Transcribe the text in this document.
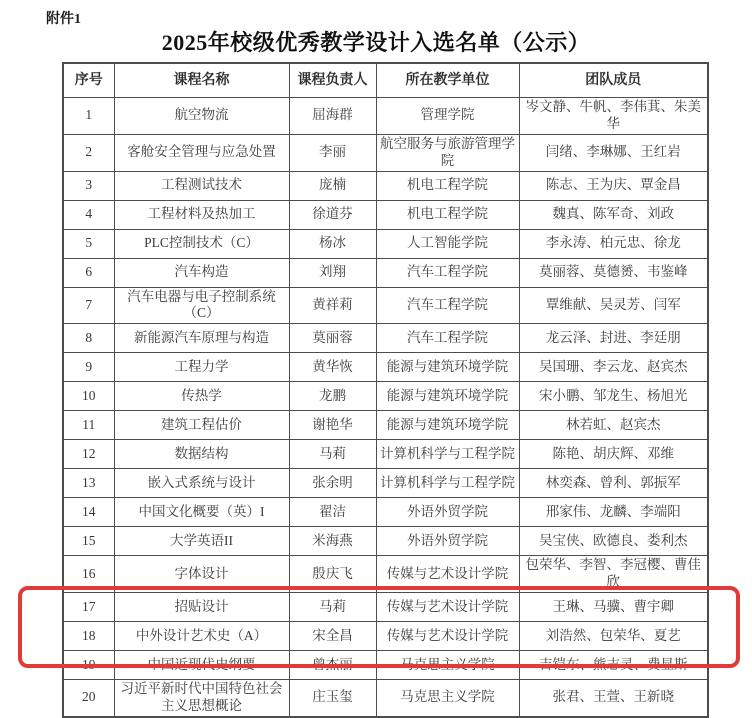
附件1
2025年校级优秀教学设计入选名单（公示）
序号	课程名称	课程负责人	所在教学单位	团队成员
1	航空物流	屈海群	管理学院	岑文静、牛帆、李伟萁、朱美华
2	客舱安全管理与应急处置	李丽	航空服务与旅游管理学院	闫绪、李琳娜、王红岩
3	工程测试技术	庞楠	机电工程学院	陈志、王为庆、覃金昌
4	工程材料及热加工	徐道芬	机电工程学院	魏真、陈军奇、刘政
5	PLC控制技术（C）	杨冰	人工智能学院	李永涛、柏元忠、徐龙
6	汽车构造	刘翔	汽车工程学院	莫丽蓉、莫德赟、韦鉴峰
7	汽车电器与电子控制系统（C）	黄祥莉	汽车工程学院	覃维献、吴灵芳、闫军
8	新能源汽车原理与构造	莫丽蓉	汽车工程学院	龙云泽、封进、李廷朋
9	工程力学	黄华恢	能源与建筑环境学院	吴国珊、李云龙、赵宾杰
10	传热学	龙鹏	能源与建筑环境学院	宋小鹏、邹龙生、杨旭光
11	建筑工程估价	谢艳华	能源与建筑环境学院	林若虹、赵宾杰
12	数据结构	马莉	计算机科学与工程学院	陈艳、胡庆辉、邓维
13	嵌入式系统与设计	张余明	计算机科学与工程学院	林奕森、曾利、郭振军
14	中国文化概要（英）I	翟洁	外语外贸学院	邢家伟、龙麟、李端阳
15	大学英语II	米海燕	外语外贸学院	吴宝侠、欧德良、娄利杰
16	字体设计	殷庆飞	传媒与艺术设计学院	包荣华、李智、李冠樱、曹佳欣
17	招贴设计	马莉	传媒与艺术设计学院	王琳、马骥、曹宇卿
18	中外设计艺术史（A）	宋全昌	传媒与艺术设计学院	刘浩然、包荣华、夏艺
19	中国近现代史纲要	曾杰丽	马克思主义学院	吉铠东、熊志灵、费显斯
20	习近平新时代中国特色社会主义思想概论	庄玉玺	马克思主义学院	张君、王萱、王新晓
